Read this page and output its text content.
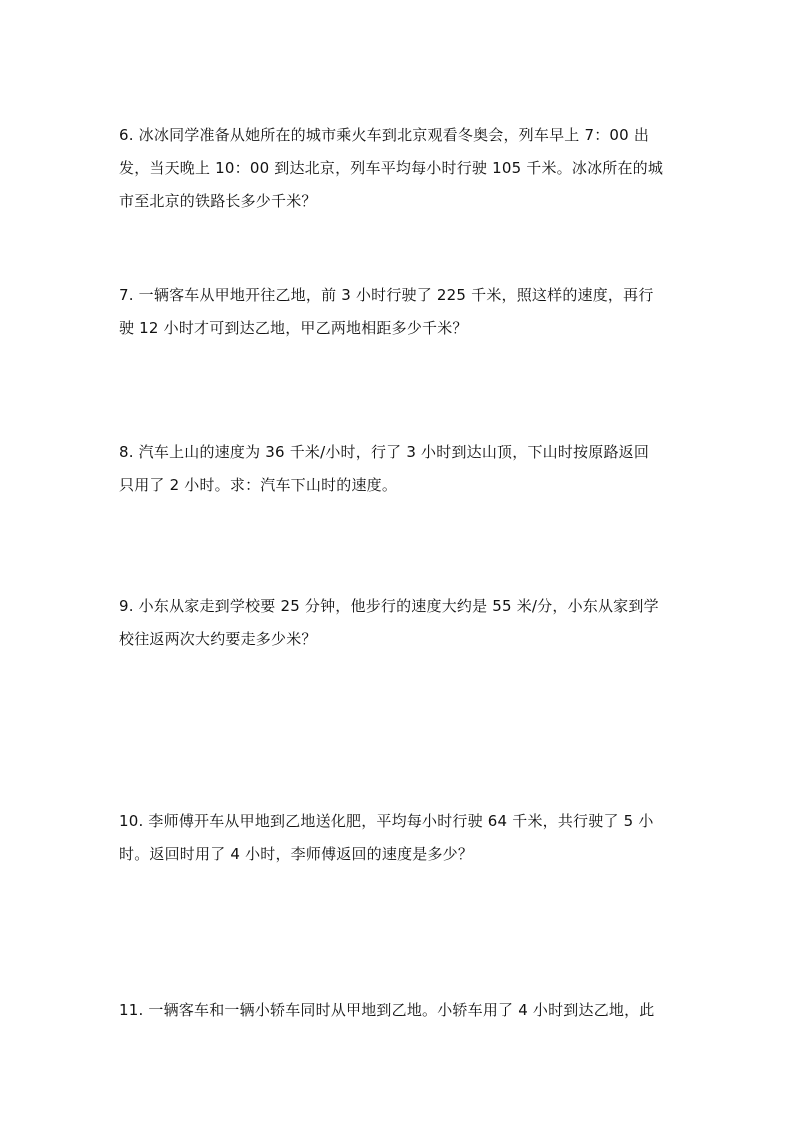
6. 冰冰同学准备从她所在的城市乘火车到北京观看冬奥会，列车早上 7：00 出
发，当天晚上 10：00 到达北京，列车平均每小时行驶 105 千米。冰冰所在的城
市至北京的铁路长多少千米？
7. 一辆客车从甲地开往乙地，前 3 小时行驶了 225 千米，照这样的速度，再行
驶 12 小时才可到达乙地，甲乙两地相距多少千米？
8. 汽车上山的速度为 36 千米/小时，行了 3 小时到达山顶，下山时按原路返回
只用了 2 小时。求：汽车下山时的速度。
9. 小东从家走到学校要 25 分钟，他步行的速度大约是 55 米/分，小东从家到学
校往返两次大约要走多少米？
10. 李师傅开车从甲地到乙地送化肥，平均每小时行驶 64 千米，共行驶了 5 小
时。返回时用了 4 小时，李师傅返回的速度是多少？
11. 一辆客车和一辆小轿车同时从甲地到乙地。小轿车用了 4 小时到达乙地，此
